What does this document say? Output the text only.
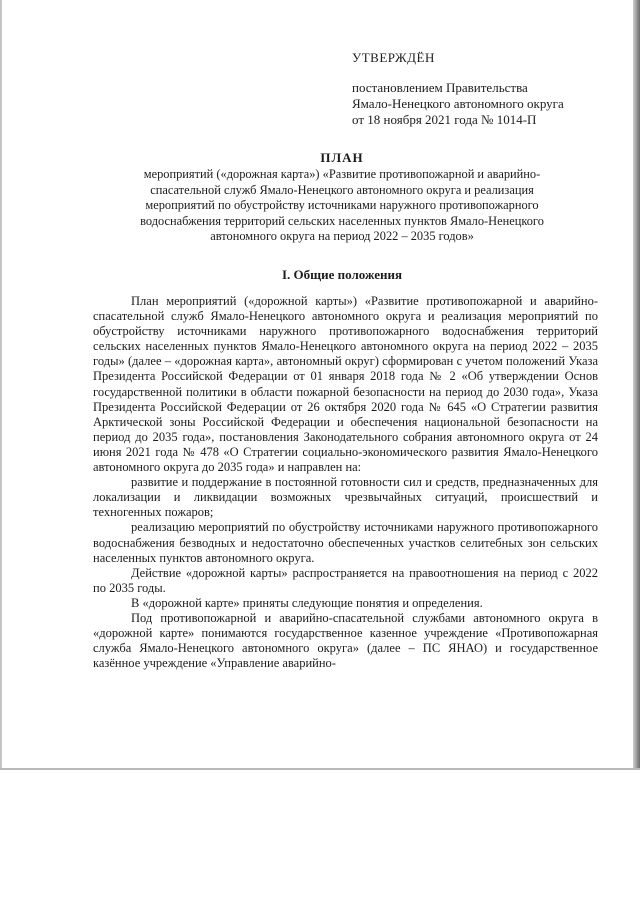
УТВЕРЖДЁН
постановлением Правительства
Ямало-Ненецкого автономного округа
от 18 ноября 2021 года № 1014-П
ПЛАН
мероприятий («дорожная карта») «Развитие противопожарной и аварийно-
спасательной служб Ямало-Ненецкого автономного округа и реализация
мероприятий по обустройству источниками наружного противопожарного
водоснабжения территорий сельских населенных пунктов Ямало-Ненецкого
автономного округа на период 2022 – 2035 годов»
I. Общие положения

План мероприятий («дорожной карты») «Развитие противопожарной и аварийно-спасательной служб Ямало-Ненецкого автономного округа и реализация мероприятий по обустройству источниками наружного противопожарного водоснабжения территорий сельских населенных пунктов Ямало-Ненецкого автономного округа на период 2022 – 2035 годы» (далее – «дорожная карта», автономный округ) сформирован с учетом положений Указа Президента Российской Федерации от 01 января 2018 года № 2 «Об утверждении Основ государственной политики в области пожарной безопасности на период до 2030 года», Указа Президента Российской Федерации от 26 октября 2020 года № 645 «О Стратегии развития Арктической зоны Российской Федерации и обеспечения национальной безопасности на период до 2035 года», постановления Законодательного собрания автономного округа от 24 июня 2021 года № 478 «О Стратегии социально-экономического развития Ямало-Ненецкого автономного округа до 2035 года» и направлен на:

развитие и поддержание в постоянной готовности сил и средств, предназначенных для локализации и ликвидации возможных чрезвычайных ситуаций, происшествий и техногенных пожаров;

реализацию мероприятий по обустройству источниками наружного противопожарного водоснабжения безводных и недостаточно обеспеченных участков селитебных зон сельских населенных пунктов автономного округа.

Действие «дорожной карты» распространяется на правоотношения на период с 2022 по 2035 годы.

В «дорожной карте» приняты следующие понятия и определения.

Под противопожарной и аварийно-спасательной службами автономного округа в «дорожной карте» понимаются государственное казенное учреждение «Противопожарная служба Ямало-Ненецкого автономного округа» (далее – ПС ЯНАО) и государственное казённое учреждение «Управление аварийно-
